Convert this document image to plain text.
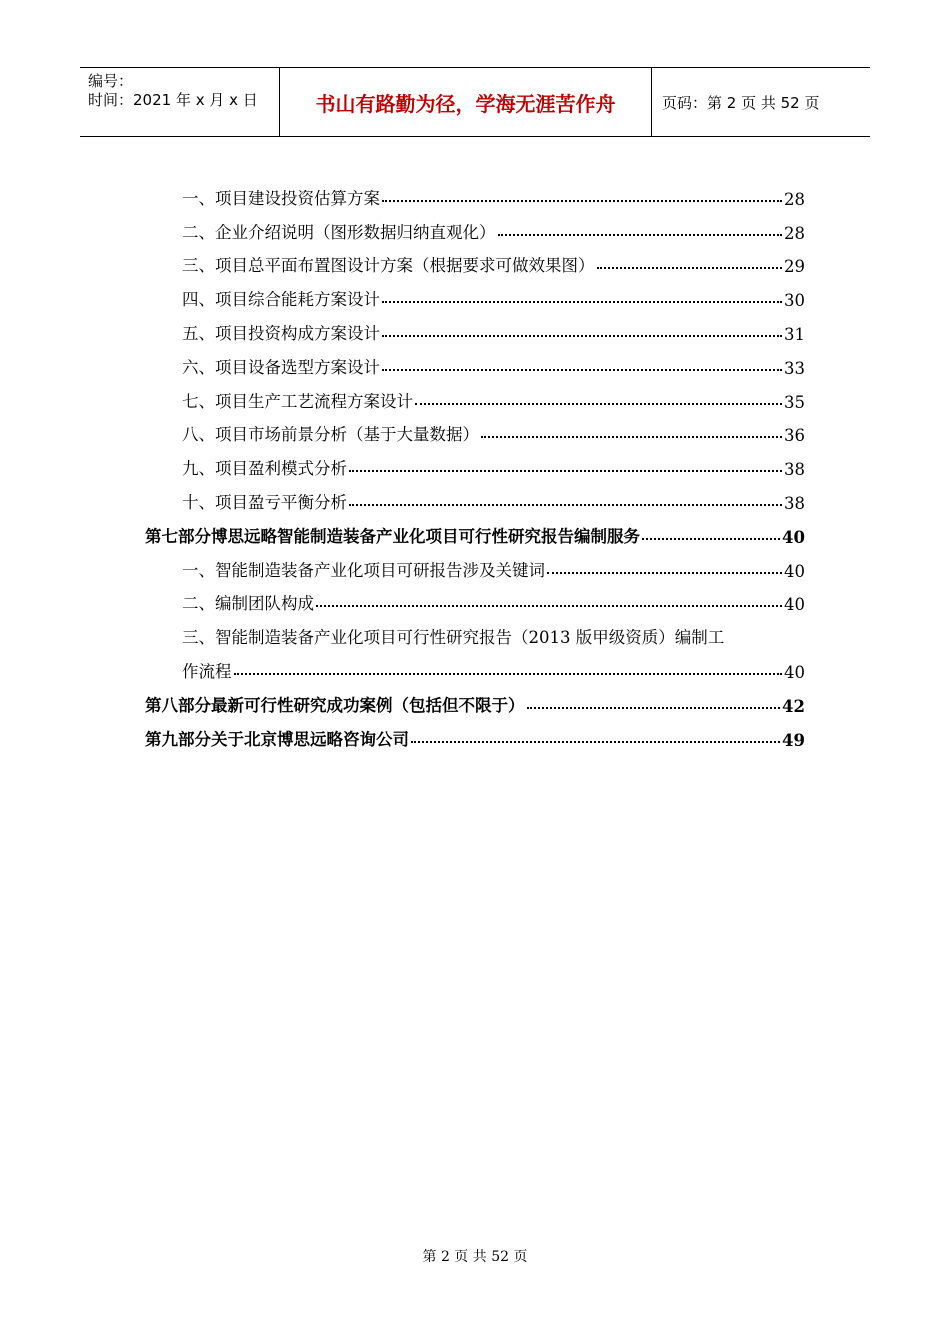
编号：
时间：2021 年 x 月 x 日	书山有路勤为径，学海无涯苦作舟	页码：第 2 页 共 52 页
一、项目建设投资估算方案	28
二、企业介绍说明（图形数据归纳直观化）	28
三、项目总平面布置图设计方案（根据要求可做效果图）	29
四、项目综合能耗方案设计	30
五、项目投资构成方案设计	31
六、项目设备选型方案设计	33
七、项目生产工艺流程方案设计	35
八、项目市场前景分析（基于大量数据）	36
九、项目盈利模式分析	38
十、项目盈亏平衡分析	38
第七部分博思远略智能制造装备产业化项目可行性研究报告编制服务	40
一、智能制造装备产业化项目可研报告涉及关键词	40
二、编制团队构成	40
三、智能制造装备产业化项目可行性研究报告（2013 版甲级资质）编制工
作流程	40
第八部分最新可行性研究成功案例（包括但不限于）	42
第九部分关于北京博思远略咨询公司	49
第 2 页 共 52 页
